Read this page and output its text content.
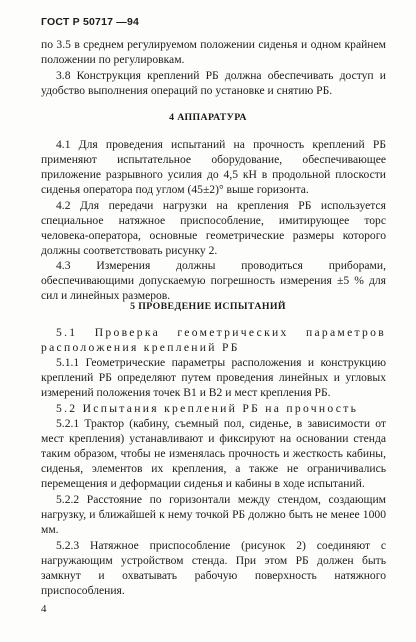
ГОСТ Р 50717 —94

по 3.5 в среднем регулируемом положении сиденья и одном крайнем положении по регулировкам.

3.8 Конструкция креплений РБ должна обеспечивать доступ и удобство выполнения операций по установке и снятию РБ.

4 АППАРАТУРА

4.1 Для проведения испытаний на прочность креплений РБ применяют испытательное оборудование, обеспечивающее приложение разрывного усилия до 4,5 кН в продольной плоскости сиденья оператора под углом (45±2)° выше горизонта.

4.2 Для передачи нагрузки на крепления РБ используется специальное натяжное приспособление, имитирующее торс человека-оператора, основные геометрические размеры которого должны соответствовать рисунку 2.

4.3 Измерения должны проводиться приборами, обеспечивающими допускаемую погрешность измерения ±5 % для сил и линейных размеров.

5 ПРОВЕДЕНИЕ ИСПЫТАНИЙ

5.1 Проверка геометрических параметров расположения креплений РБ

5.1.1 Геометрические параметры расположения и конструкцию креплений РБ определяют путем проведения линейных и угловых измерений положения точек B1 и B2 и мест крепления РБ.

5.2 Испытания креплений РБ на прочность

5.2.1 Трактор (кабину, съемный пол, сиденье, в зависимости от мест крепления) устанавливают и фиксируют на основании стенда таким образом, чтобы не изменялась прочность и жесткость кабины, сиденья, элементов их крепления, а также не ограничивались перемещения и деформации сиденья и кабины в ходе испытаний.

5.2.2 Расстояние по горизонтали между стендом, создающим нагрузку, и ближайшей к нему точкой РБ должно быть не менее 1000 мм.

5.2.3 Натяжное приспособление (рисунок 2) соединяют с нагружающим устройством стенда. При этом РБ должен быть замкнут и охватывать рабочую поверхность натяжного приспособления.

4
